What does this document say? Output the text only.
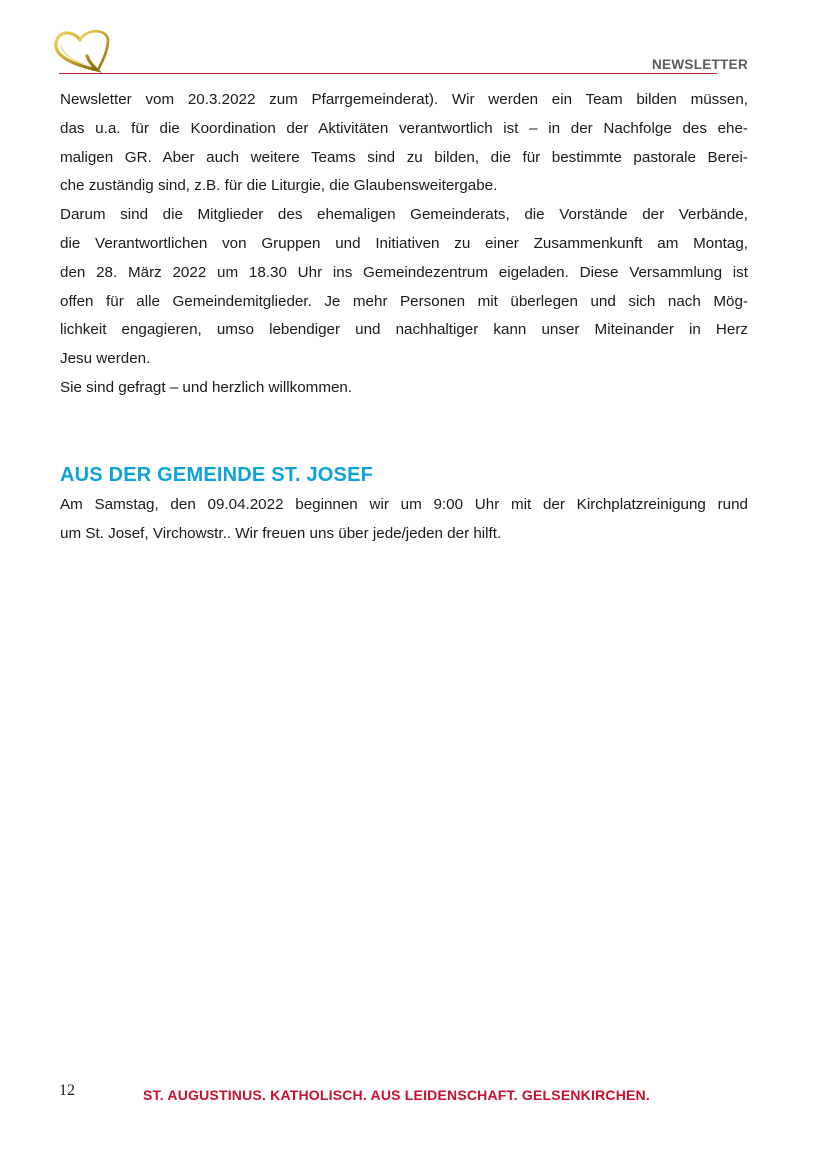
NEWSLETTER

Newsletter vom 20.3.2022 zum Pfarrgemeinderat). Wir werden ein Team bilden müssen,
das u.a. für die Koordination der Aktivitäten verantwortlich ist – in der Nachfolge des ehe-
maligen GR. Aber auch weitere Teams sind zu bilden, die für bestimmte pastorale Berei-
che zuständig sind, z.B. für die Liturgie, die Glaubensweitergabe.
Darum sind die Mitglieder des ehemaligen Gemeinderats, die Vorstände der Verbände,
die Verantwortlichen von Gruppen und Initiativen zu einer Zusammenkunft am Montag,
den 28. März 2022 um 18.30 Uhr ins Gemeindezentrum eigeladen. Diese Versammlung ist
offen für alle Gemeindemitglieder. Je mehr Personen mit überlegen und sich nach Mög-
lichkeit engagieren, umso lebendiger und nachhaltiger kann unser Miteinander in Herz
Jesu werden.
Sie sind gefragt – und herzlich willkommen.

AUS DER GEMEINDE ST. JOSEF

Am Samstag, den 09.04.2022 beginnen wir um 9:00 Uhr mit der Kirchplatzreinigung rund
um St. Josef, Virchowstr.. Wir freuen uns über jede/jeden der hilft.

12	ST. AUGUSTINUS. KATHOLISCH. AUS LEIDENSCHAFT. GELSENKIRCHEN.
